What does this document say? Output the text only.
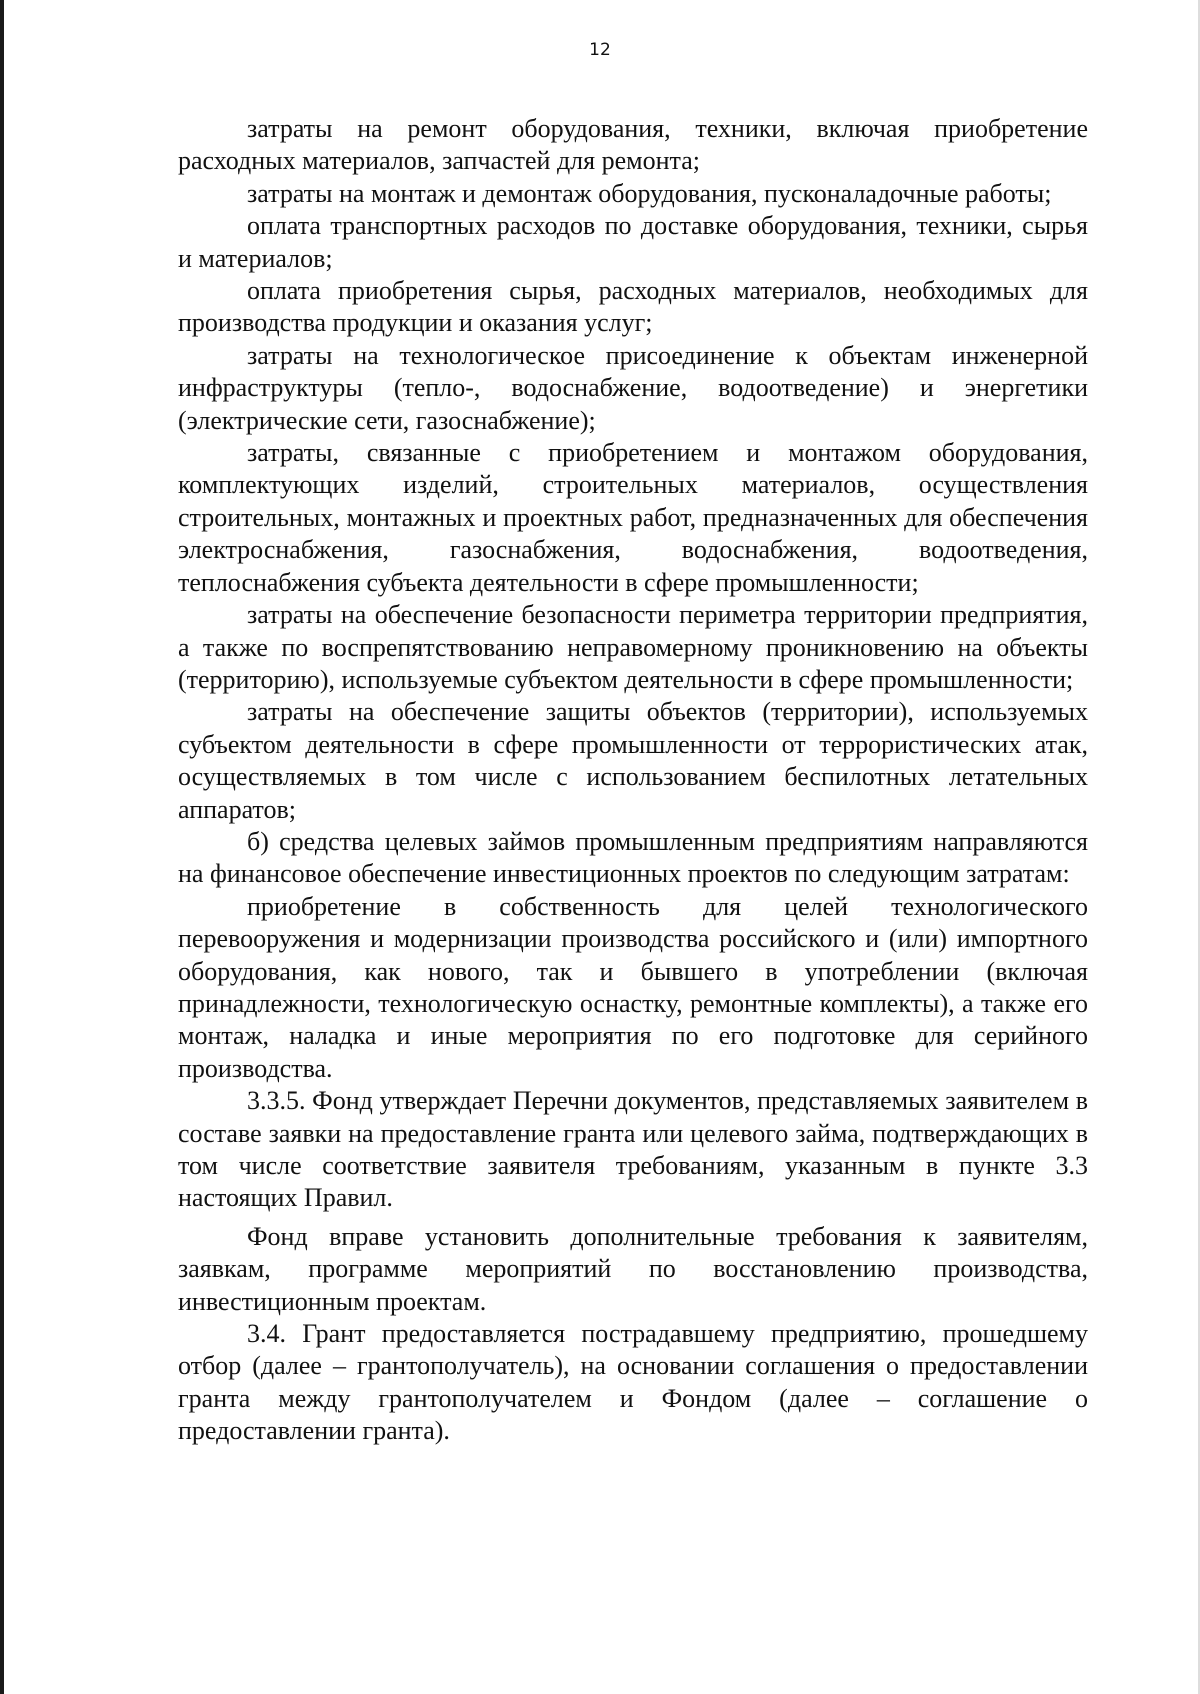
12

затраты на ремонт оборудования, техники, включая приобретение расходных материалов, запчастей для ремонта;

затраты на монтаж и демонтаж оборудования, пусконаладочные работы;

оплата транспортных расходов по доставке оборудования, техники, сырья и материалов;

оплата приобретения сырья, расходных материалов, необходимых для производства продукции и оказания услуг;

затраты на технологическое присоединение к объектам инженерной инфраструктуры (тепло-, водоснабжение, водоотведение) и энергетики (электрические сети, газоснабжение);

затраты, связанные с приобретением и монтажом оборудования, комплектующих изделий, строительных материалов, осуществления строительных, монтажных и проектных работ, предназначенных для обеспечения электроснабжения, газоснабжения, водоснабжения, водоотведения, теплоснабжения субъекта деятельности в сфере промышленности;

затраты на обеспечение безопасности периметра территории предприятия, а также по воспрепятствованию неправомерному проникновению на объекты (территорию), используемые субъектом деятельности в сфере промышленности;

затраты на обеспечение защиты объектов (территории), используемых субъектом деятельности в сфере промышленности от террористических атак, осуществляемых в том числе с использованием беспилотных летательных аппаратов;

б) средства целевых займов промышленным предприятиям направляются на финансовое обеспечение инвестиционных проектов по следующим затратам:

приобретение в собственность для целей технологического перевооружения и модернизации производства российского и (или) импортного оборудования, как нового, так и бывшего в употреблении (включая принадлежности, технологическую оснастку, ремонтные комплекты), а также его монтаж, наладка и иные мероприятия по его подготовке для серийного производства.

3.3.5. Фонд утверждает Перечни документов, представляемых заявителем в составе заявки на предоставление гранта или целевого займа, подтверждающих в том числе соответствие заявителя требованиям, указанным в пункте 3.3 настоящих Правил.

Фонд вправе установить дополнительные требования к заявителям, заявкам, программе мероприятий по восстановлению производства, инвестиционным проектам.

3.4. Грант предоставляется пострадавшему предприятию, прошедшему отбор (далее – грантополучатель), на основании соглашения о предоставлении гранта между грантополучателем и Фондом (далее – соглашение о предоставлении гранта).
